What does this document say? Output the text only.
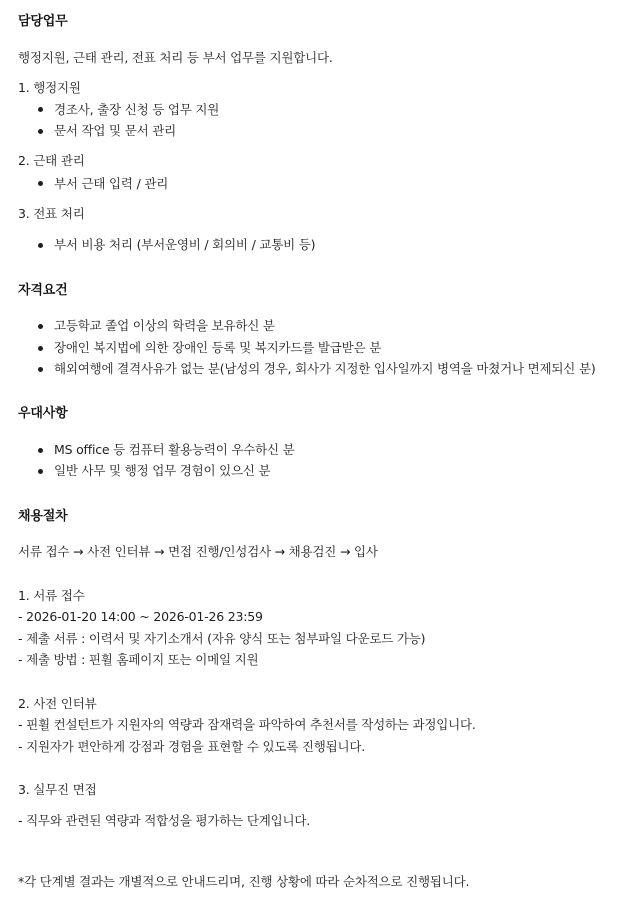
담당업무
행정지원, 근태 관리, 전표 처리 등 부서 업무를 지원합니다.
1. 행정지원
경조사, 출장 신청 등 업무 지원
문서 작업 및 문서 관리
2. 근태 관리
부서 근태 입력 / 관리
3. 전표 처리
부서 비용 처리 (부서운영비 / 회의비 / 교통비 등)
자격요건
고등학교 졸업 이상의 학력을 보유하신 분
장애인 복지법에 의한 장애인 등록 및 복지카드를 발급받은 분
해외여행에 결격사유가 없는 분(남성의 경우, 회사가 지정한 입사일까지 병역을 마쳤거나 면제되신 분)
우대사항
MS office 등 컴퓨터 활용능력이 우수하신 분
일반 사무 및 행정 업무 경험이 있으신 분
채용절차
서류 접수 → 사전 인터뷰 → 면접 진행/인성검사 → 채용검진 → 입사
1. 서류 접수
- 2026-01-20 14:00 ~ 2026-01-26 23:59
- 제출 서류 : 이력서 및 자기소개서 (자유 양식 또는 첨부파일 다운로드 가능)
- 제출 방법 : 핀휠 홈페이지 또는 이메일 지원
2. 사전 인터뷰
- 핀휠 컨설턴트가 지원자의 역량과 잠재력을 파악하여 추천서를 작성하는 과정입니다.
- 지원자가 편안하게 강점과 경험을 표현할 수 있도록 진행됩니다.
3. 실무진 면접
- 직무와 관련된 역량과 적합성을 평가하는 단계입니다.
*각 단계별 결과는 개별적으로 안내드리며, 진행 상황에 따라 순차적으로 진행됩니다.
